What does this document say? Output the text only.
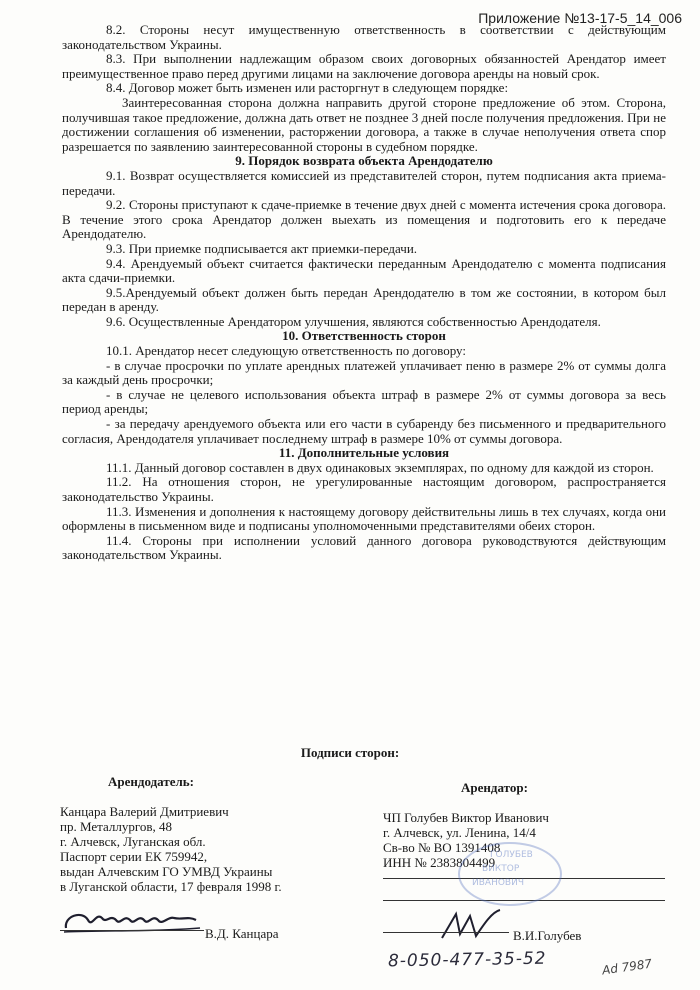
Приложение №13-17-5_14_006

8.2. Стороны несут имущественную ответственность в соответствии с действующим законодательством Украины.

8.3. При выполнении надлежащим образом своих договорных обязанностей Арендатор имеет преимущественное право перед другими лицами на заключение договора аренды на новый срок.

8.4. Договор может быть изменен или расторгнут в следующем порядке:

Заинтересованная сторона должна направить другой стороне предложение об этом. Сторона, получившая такое предложение, должна дать ответ не позднее 3 дней после получения предложения. При не достижении соглашения об изменении, расторжении договора, а также в случае неполучения ответа спор разрешается по заявлению заинтересованной стороны в судебном порядке.

9. Порядок возврата объекта Арендодателю

9.1. Возврат осуществляется комиссией из представителей сторон, путем подписания акта приема-передачи.

9.2. Стороны приступают к сдаче-приемке в течение двух дней с момента истечения срока договора. В течение этого срока Арендатор должен выехать из помещения и подготовить его к передаче Арендодателю.

9.3. При приемке подписывается акт приемки-передачи.

9.4. Арендуемый объект считается фактически переданным Арендодателю с момента подписания акта сдачи-приемки.

9.5.Арендуемый объект должен быть передан Арендодателю в том же состоянии, в котором был передан в аренду.

9.6. Осуществленные Арендатором улучшения, являются собственностью Арендодателя.

10. Ответственность сторон

10.1. Арендатор несет следующую ответственность по договору:

- в случае просрочки по уплате арендных платежей уплачивает пеню в размере 2% от суммы долга за каждый день просрочки;

- в случае не целевого использования объекта штраф в размере 2% от суммы договора за весь период аренды;

- за передачу арендуемого объекта или его части в субаренду без письменного и предварительного согласия, Арендодателя уплачивает последнему штраф в размере 10% от суммы договора.

11. Дополнительные условия

11.1. Данный договор составлен в двух одинаковых экземплярах, по одному для каждой из сторон.

11.2. На отношения сторон, не урегулированные настоящим договором, распространяется законодательство Украины.

11.3. Изменения и дополнения к настоящему договору действительны лишь в тех случаях, когда они оформлены в письменном виде и подписаны уполномоченными представителями обеих сторон.

11.4. Стороны при исполнении условий данного договора руководствуются действующим законодательством Украины.

Подписи сторон:
Арендодатель:
Канцара Валерий Дмитриевич
пр. Металлургов, 48
г. Алчевск, Луганская обл.
Паспорт серии ЕК 759942,
выдан Алчевским ГО УМВД Украины
в Луганской области, 17 февраля 1998 г.
Арендатор:
ЧП Голубев Виктор Иванович
г. Алчевск, ул. Ленина, 14/4
Св-во № ВО 1391408
ИНН № 2383804499
ГОЛУБЕВ
ВИКТОР
ИВАНОВИЧ
В.Д. Канцара	В.И.Голубев
8-050-477-35-52	Ad 7987
